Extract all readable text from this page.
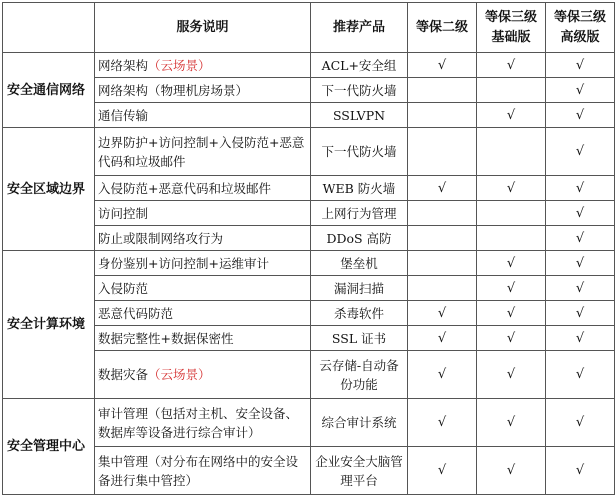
	服务说明	推荐产品	等保二级	等保三级基础版	等保三级高级版
安全通信网络	网络架构（云场景）	ACL+安全组	√	√	√
	网络架构（物理机房场景）	下一代防火墙			√
	通信传输	SSLVPN		√	√
安全区域边界	边界防护+访问控制+入侵防范+恶意代码和垃圾邮件	下一代防火墙			√
	入侵防范+恶意代码和垃圾邮件	WEB 防火墙	√	√	√
	访问控制	上网行为管理			√
	防止或限制网络攻行为	DDoS 高防			√
安全计算环境	身份鉴别+访问控制+运维审计	堡垒机		√	√
	入侵防范	漏洞扫描		√	√
	恶意代码防范	杀毒软件	√	√	√
	数据完整性+数据保密性	SSL 证书	√	√	√
	数据灾备（云场景）	云存储-自动备份功能	√	√	√
安全管理中心	审计管理（包括对主机、安全设备、数据库等设备进行综合审计）	综合审计系统	√	√	√
	集中管理（对分布在网络中的安全设备进行集中管控）	企业安全大脑管理平台	√	√	√
